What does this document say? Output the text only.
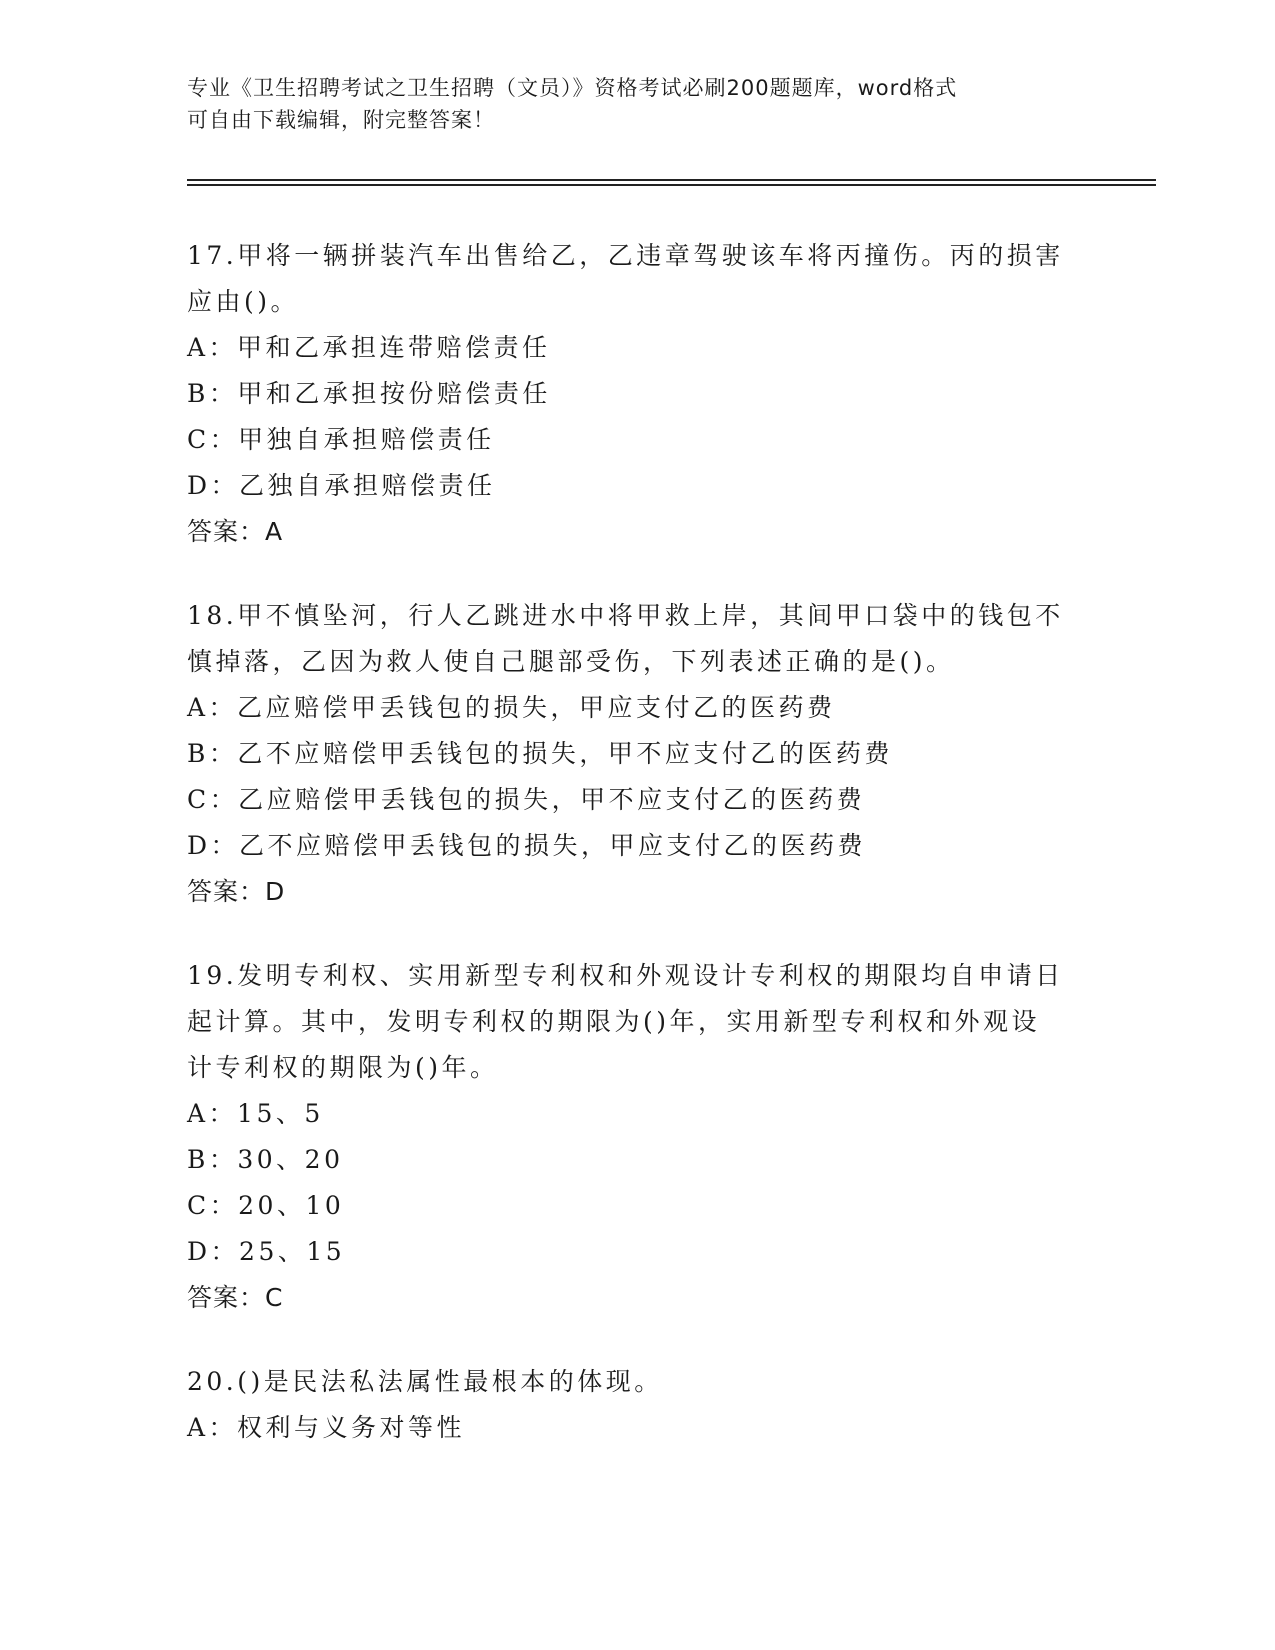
专业《卫生招聘考试之卫生招聘（文员）》资格考试必刷200题题库，word格式
可自由下载编辑，附完整答案！
17.甲将一辆拼装汽车出售给乙，乙违章驾驶该车将丙撞伤。丙的损害
应由()。
A：甲和乙承担连带赔偿责任
B：甲和乙承担按份赔偿责任
C：甲独自承担赔偿责任
D：乙独自承担赔偿责任
答案：A
18.甲不慎坠河，行人乙跳进水中将甲救上岸，其间甲口袋中的钱包不
慎掉落，乙因为救人使自己腿部受伤，下列表述正确的是()。
A：乙应赔偿甲丢钱包的损失，甲应支付乙的医药费
B：乙不应赔偿甲丢钱包的损失，甲不应支付乙的医药费
C：乙应赔偿甲丢钱包的损失，甲不应支付乙的医药费
D：乙不应赔偿甲丢钱包的损失，甲应支付乙的医药费
答案：D
19.发明专利权、实用新型专利权和外观设计专利权的期限均自申请日
起计算。其中，发明专利权的期限为()年，实用新型专利权和外观设
计专利权的期限为()年。
A：15、5
B：30、20
C：20、10
D：25、15
答案：C
20.()是民法私法属性最根本的体现。
A：权利与义务对等性
